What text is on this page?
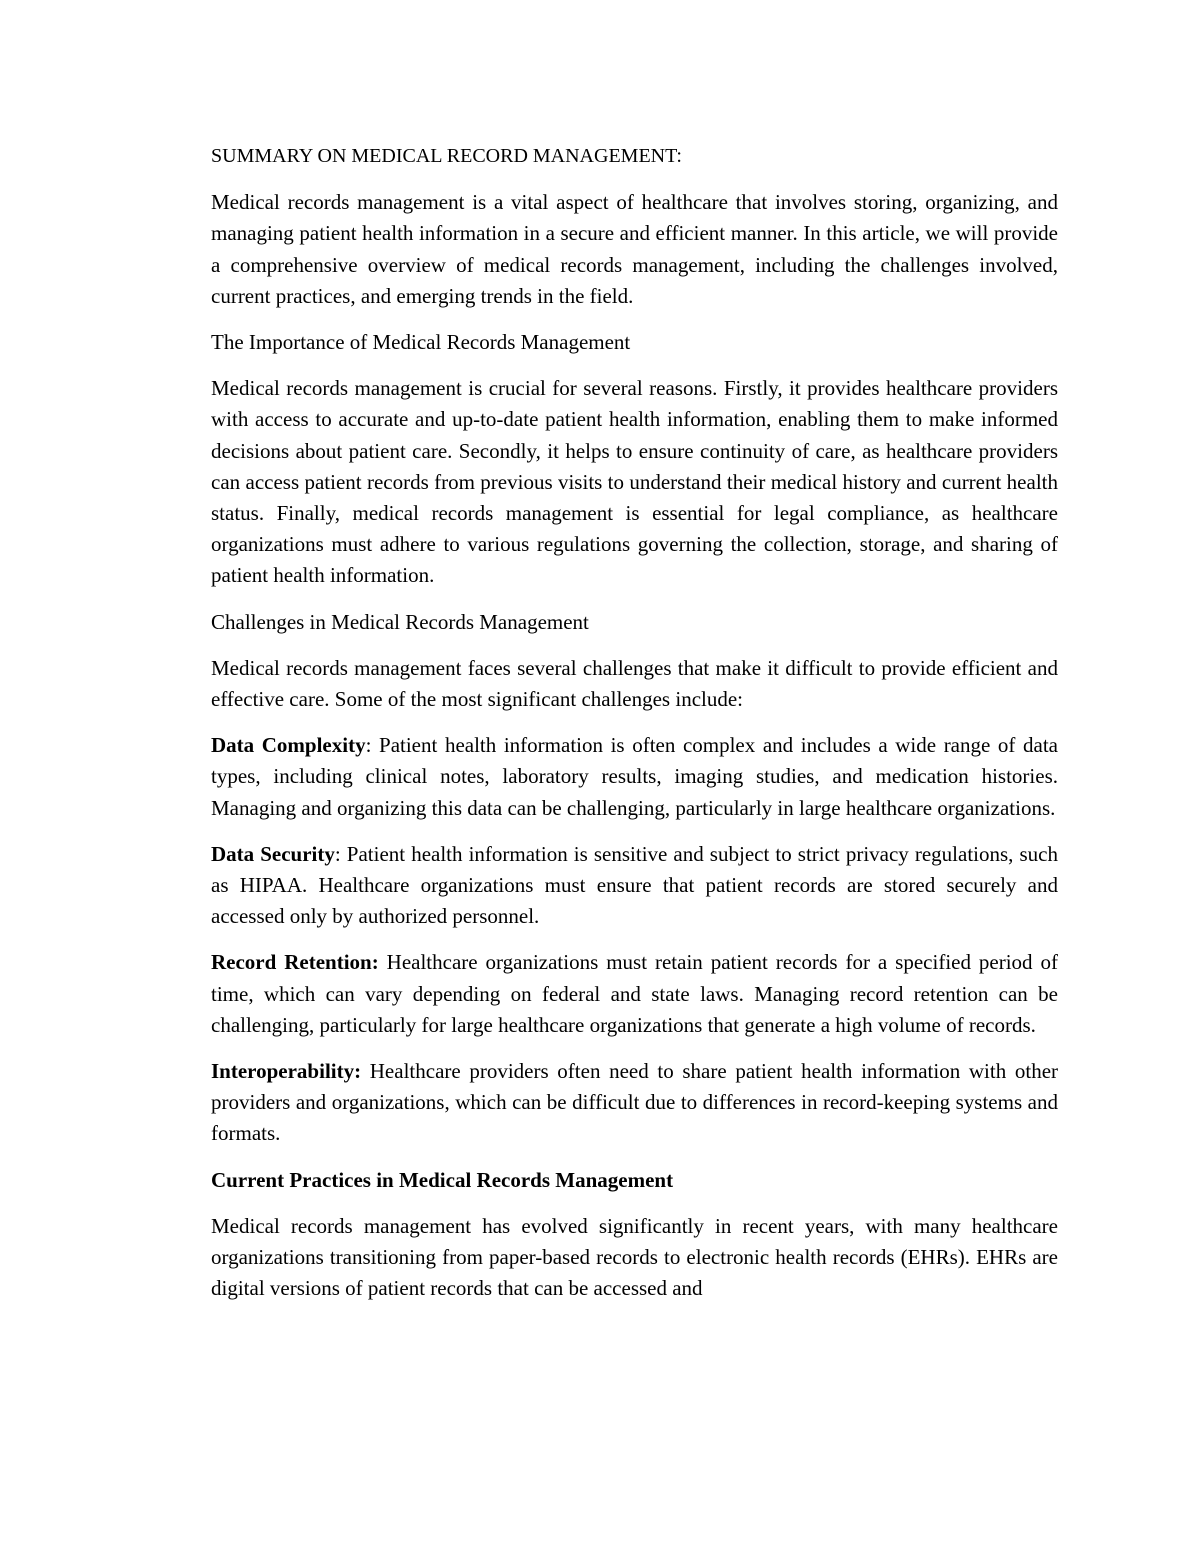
SUMMARY ON MEDICAL RECORD MANAGEMENT:

Medical records management is a vital aspect of healthcare that involves storing, organizing, and managing patient health information in a secure and efficient manner. In this article, we will provide a comprehensive overview of medical records management, including the challenges involved, current practices, and emerging trends in the field.

The Importance of Medical Records Management

Medical records management is crucial for several reasons. Firstly, it provides healthcare providers with access to accurate and up-to-date patient health information, enabling them to make informed decisions about patient care. Secondly, it helps to ensure continuity of care, as healthcare providers can access patient records from previous visits to understand their medical history and current health status. Finally, medical records management is essential for legal compliance, as healthcare organizations must adhere to various regulations governing the collection, storage, and sharing of patient health information.

Challenges in Medical Records Management

Medical records management faces several challenges that make it difficult to provide efficient and effective care. Some of the most significant challenges include:

Data Complexity: Patient health information is often complex and includes a wide range of data types, including clinical notes, laboratory results, imaging studies, and medication histories. Managing and organizing this data can be challenging, particularly in large healthcare organizations.

Data Security: Patient health information is sensitive and subject to strict privacy regulations, such as HIPAA. Healthcare organizations must ensure that patient records are stored securely and accessed only by authorized personnel.

Record Retention: Healthcare organizations must retain patient records for a specified period of time, which can vary depending on federal and state laws. Managing record retention can be challenging, particularly for large healthcare organizations that generate a high volume of records.

Interoperability: Healthcare providers often need to share patient health information with other providers and organizations, which can be difficult due to differences in record-keeping systems and formats.

Current Practices in Medical Records Management

Medical records management has evolved significantly in recent years, with many healthcare organizations transitioning from paper-based records to electronic health records (EHRs). EHRs are digital versions of patient records that can be accessed and
